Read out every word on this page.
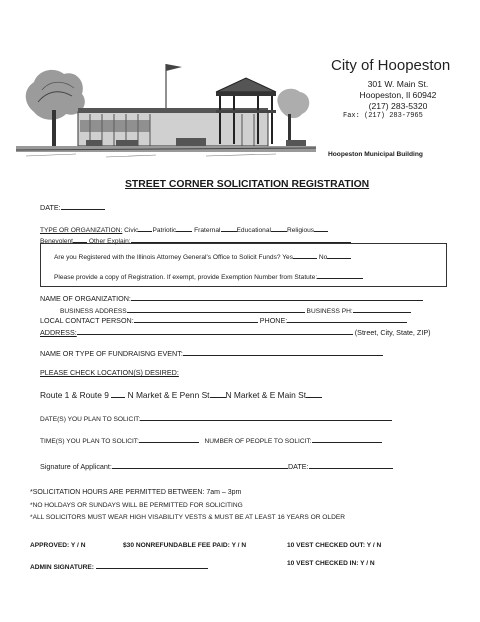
City of Hoopeston
301 W. Main St.
Hoopeston, Il 60942
(217) 283-5320
Fax: (217) 283-7965
Hoopeston Municipal Building
STREET CORNER SOLICITATION REGISTRATION
DATE:
TYPE OR ORGANIZATION: Civic Patriotic	Fraternal Educational Religious
Benevolent Other Explain:
Are you Registered with the Illinois Attorney General's Office to Solicit Funds? Yes	No
Please provide a copy of Registration. If exempt, provide Exemption Number from Statute:
NAME OF ORGANIZATION:
BUSINESS ADDRESS	BUSINESS PH:
LOCAL CONTACT PERSON:	PHONE:
ADDRESS:	(Street, City, State, ZIP)
NAME OR TYPE OF FUNDRAISNG EVENT:
PLEASE CHECK LOCATION(S) DESIRED:
Route 1 & Route 9 N Market & E Penn St N Market & E Main St
DATE(S) YOU PLAN TO SOLICIT:
TIME(S) YOU PLAN TO SOLICIT:	NUMBER OF PEOPLE TO SOLICIT:
Signature of Applicant:	DATE:
*SOLICITATION HOURS ARE PERMITTED BETWEEN: 7am – 3pm
*NO HOLDAYS OR SUNDAYS WILL BE PERMITTED FOR SOLICITING
*ALL SOLICITORS MUST WEAR HIGH VISABILITY VESTS & MUST BE AT LEAST 16 YEARS OR OLDER
APPROVED: Y / N	$30 NONREFUNDABLE FEE PAID: Y / N	10 VEST CHECKED OUT: Y / N
ADMIN SIGNATURE:
10 VEST CHECKED IN: Y / N
